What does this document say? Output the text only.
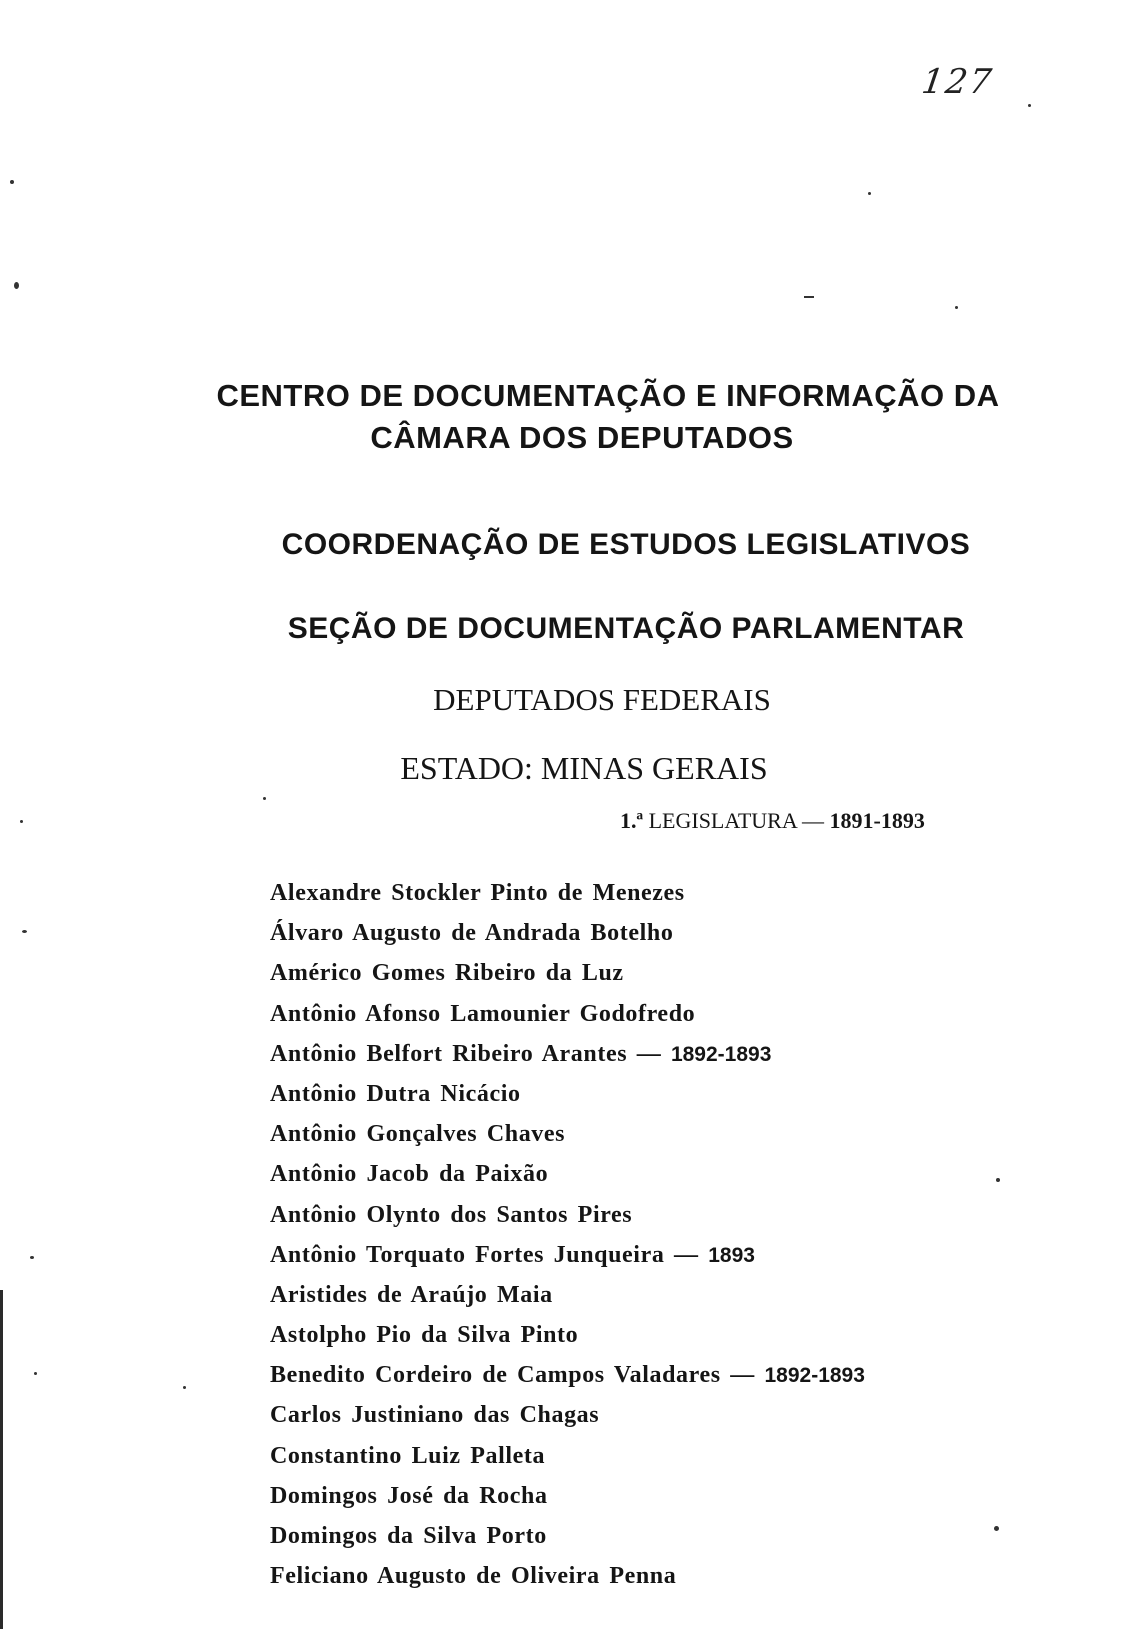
127
CENTRO DE DOCUMENTAÇÃO E INFORMAÇÃO DA
CÂMARA DOS DEPUTADOS
COORDENAÇÃO DE ESTUDOS LEGISLATIVOS
SEÇÃO DE DOCUMENTAÇÃO PARLAMENTAR
DEPUTADOS FEDERAIS
ESTADO: MINAS GERAIS
1.ª LEGISLATURA — 1891-1893
Alexandre Stockler Pinto de Menezes
Álvaro Augusto de Andrada Botelho
Américo Gomes Ribeiro da Luz
Antônio Afonso Lamounier Godofredo
Antônio Belfort Ribeiro Arantes — 1892-1893
Antônio Dutra Nicácio
Antônio Gonçalves Chaves
Antônio Jacob da Paixão
Antônio Olynto dos Santos Pires
Antônio Torquato Fortes Junqueira — 1893
Aristides de Araújo Maia
Astolpho Pio da Silva Pinto
Benedito Cordeiro de Campos Valadares — 1892-1893
Carlos Justiniano das Chagas
Constantino Luiz Palleta
Domingos José da Rocha
Domingos da Silva Porto
Feliciano Augusto de Oliveira Penna
